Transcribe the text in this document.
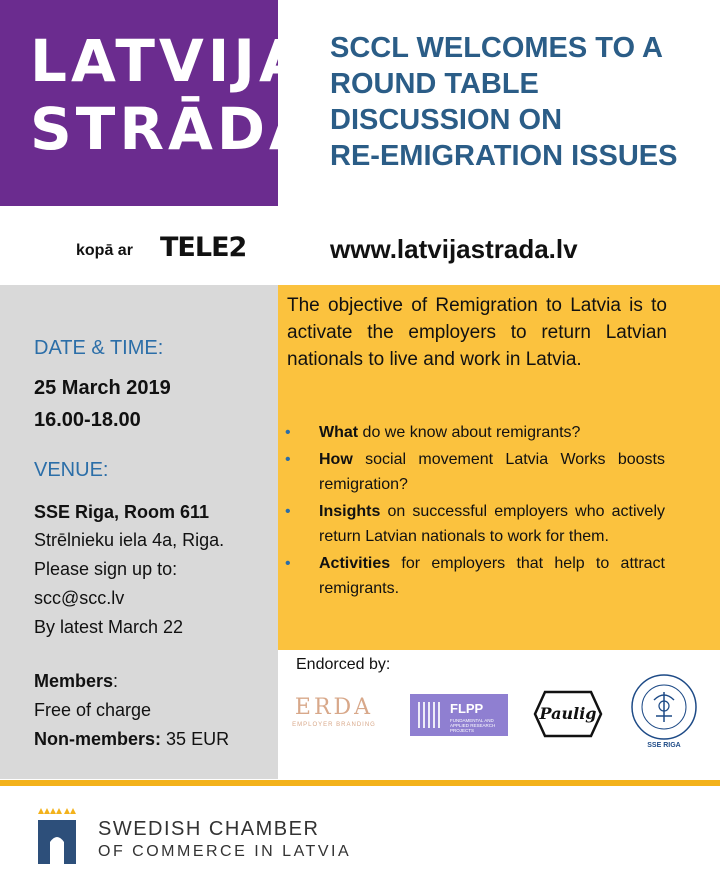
LATVIJA
STRĀDĀ
SCCL WELCOMES TO A
ROUND TABLE
DISCUSSION ON
RE-EMIGRATION ISSUES
kopā ar TELE2	www.latvijastrada.lv
DATE & TIME:
25 March 2019
16.00-18.00
VENUE:
SSE Riga, Room 611
Strēlnieku iela 4a, Riga.
Please sign up to:
scc@scc.lv
By latest March 22
Members:
Free of charge
Non-members: 35 EUR
The objective of Remigration to Latvia is to activate the employers to return Latvian nationals to live and work in Latvia.
• What do we know about remigrants?
• How social movement Latvia Works boosts remigration?
• Insights on successful employers who actively return Latvian nationals to work for them.
• Activities for employers that help to attract remigrants.
Endorced by:
ERDA
EMPLOYER BRANDING
FLPP
FUNDAMENTAL AND APPLIED RESEARCH PROJECTS
Paulig
SSE RIGA
SWEDISH CHAMBER
OF COMMERCE IN LATVIA
